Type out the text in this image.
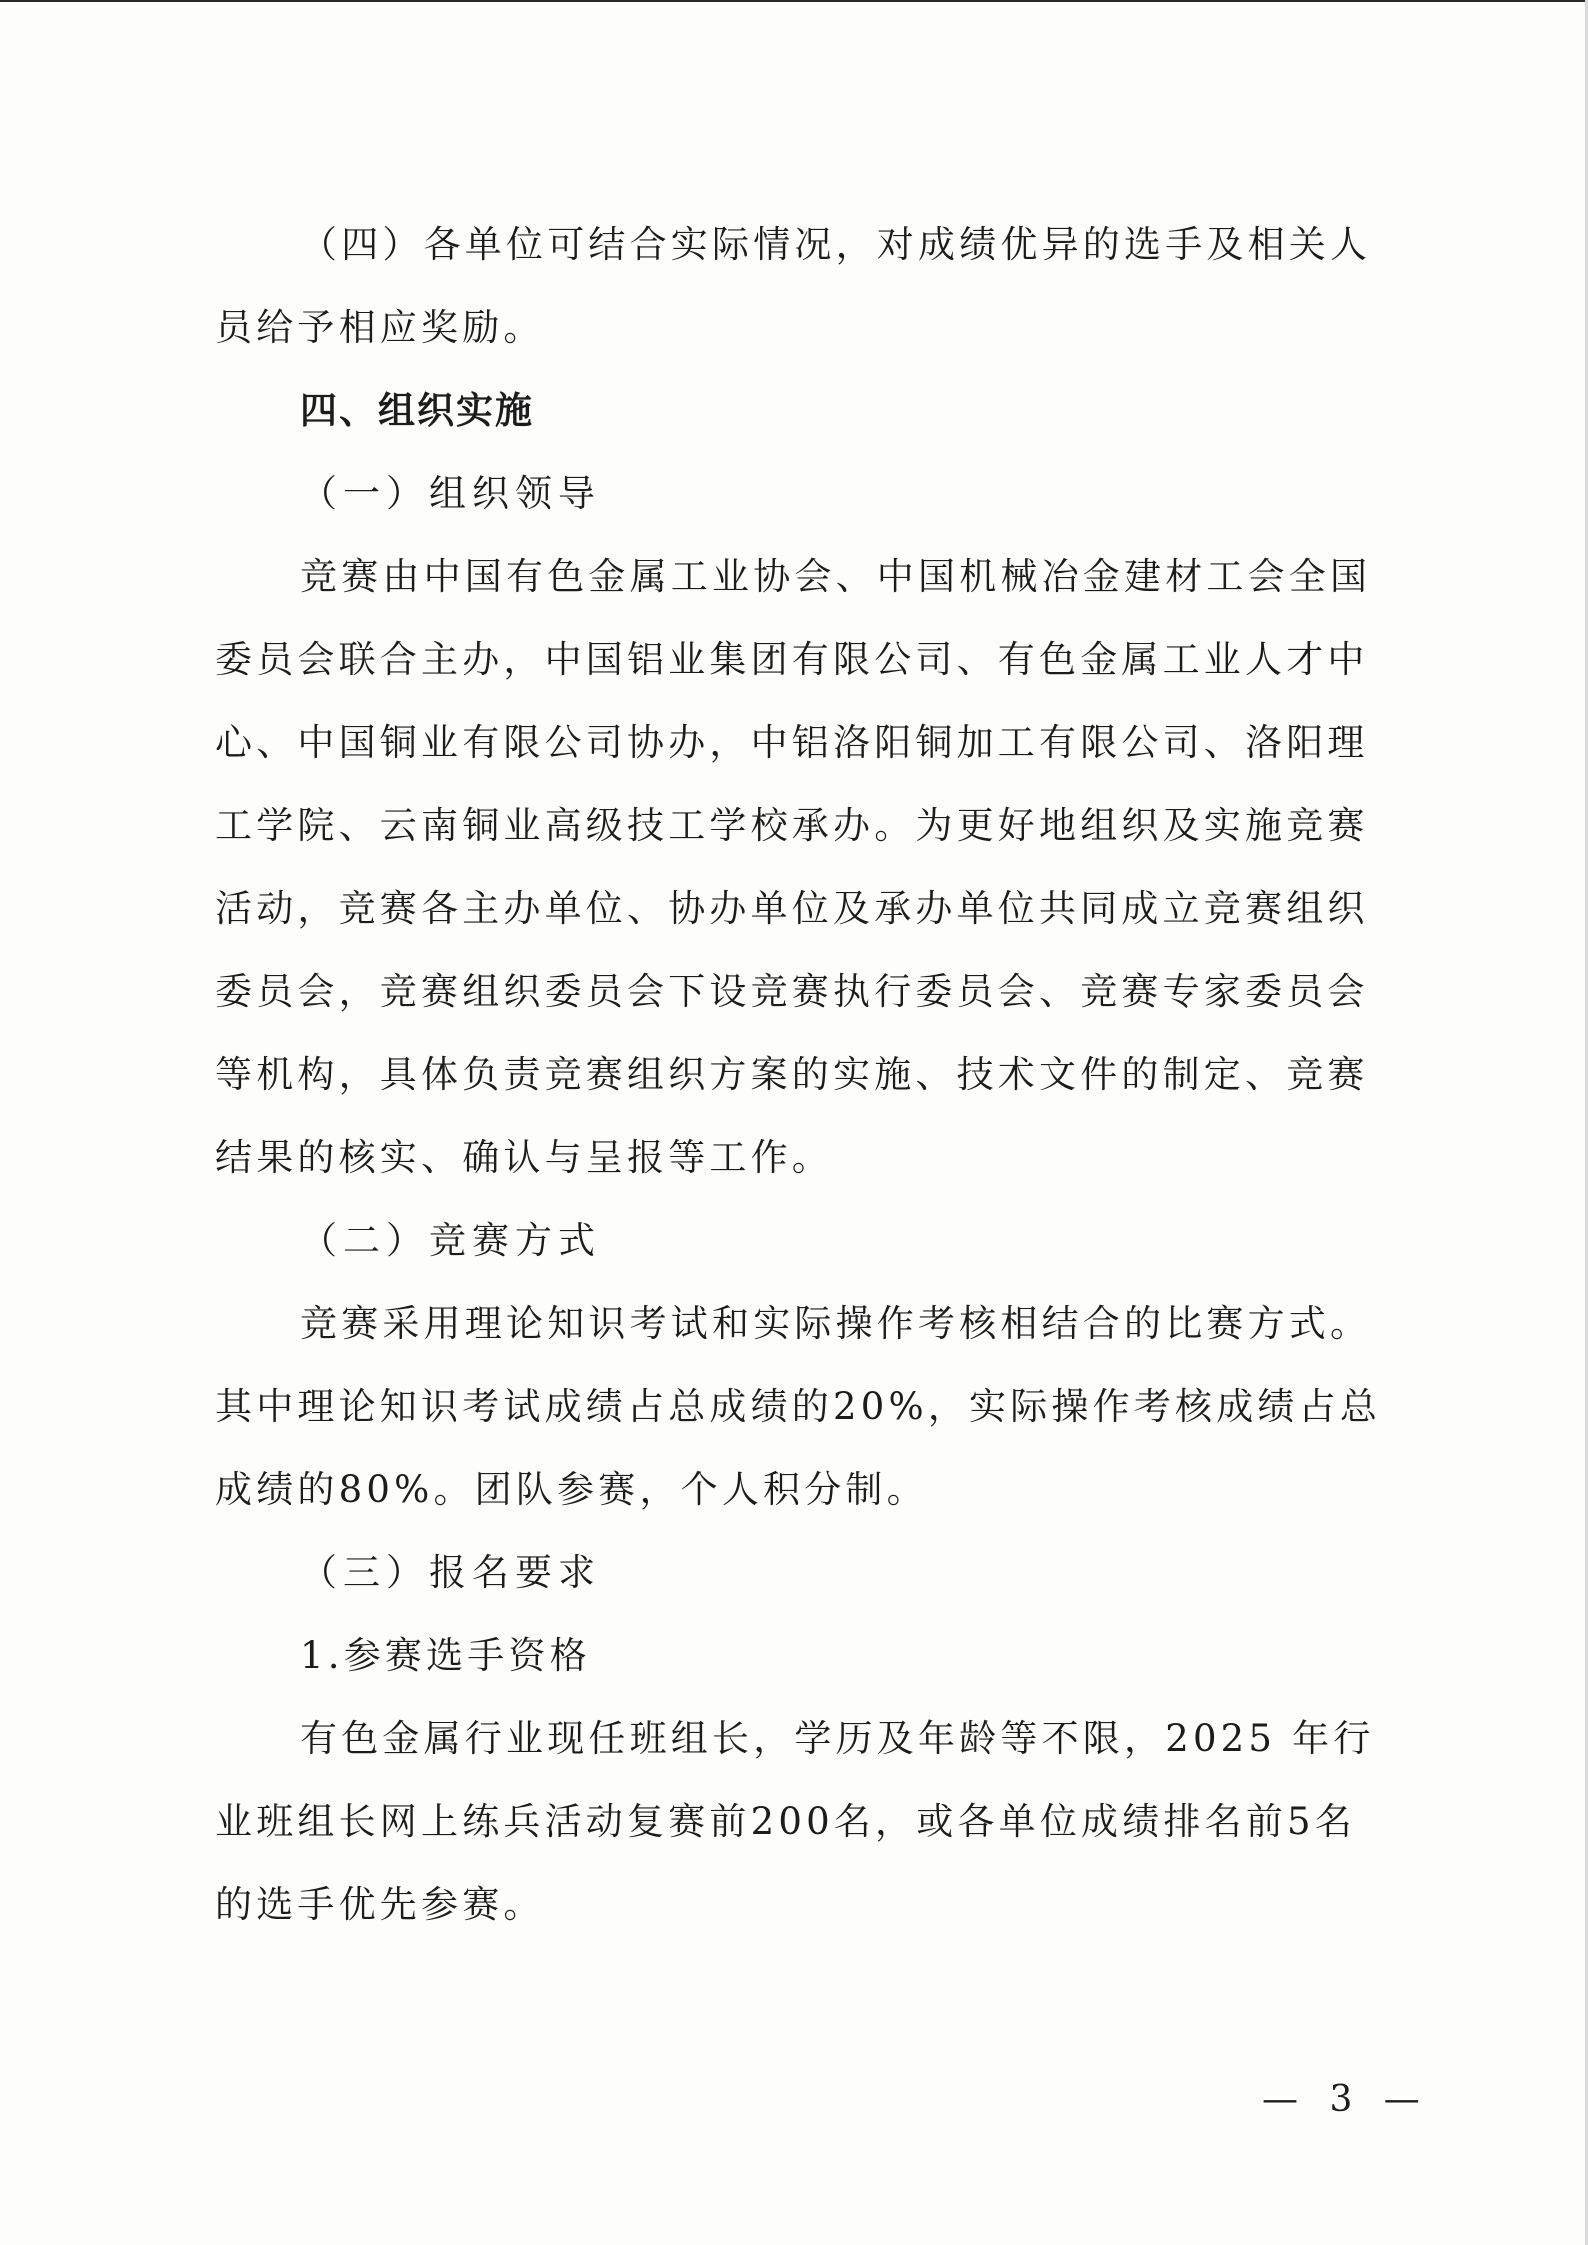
（四）各单位可结合实际情况，对成绩优异的选手及相关人
员给予相应奖励。
四、组织实施
（一）组织领导
竞赛由中国有色金属工业协会、中国机械冶金建材工会全国
委员会联合主办，中国铝业集团有限公司、有色金属工业人才中
心、中国铜业有限公司协办，中铝洛阳铜加工有限公司、洛阳理
工学院、云南铜业高级技工学校承办。为更好地组织及实施竞赛
活动，竞赛各主办单位、协办单位及承办单位共同成立竞赛组织
委员会，竞赛组织委员会下设竞赛执行委员会、竞赛专家委员会
等机构，具体负责竞赛组织方案的实施、技术文件的制定、竞赛
结果的核实、确认与呈报等工作。
（二）竞赛方式
竞赛采用理论知识考试和实际操作考核相结合的比赛方式。
其中理论知识考试成绩占总成绩的20%，实际操作考核成绩占总
成绩的80%。团队参赛，个人积分制。
（三）报名要求
1.参赛选手资格
有色金属行业现任班组长，学历及年龄等不限，2025 年行
业班组长网上练兵活动复赛前200名，或各单位成绩排名前5名
的选手优先参赛。
— 3 —
